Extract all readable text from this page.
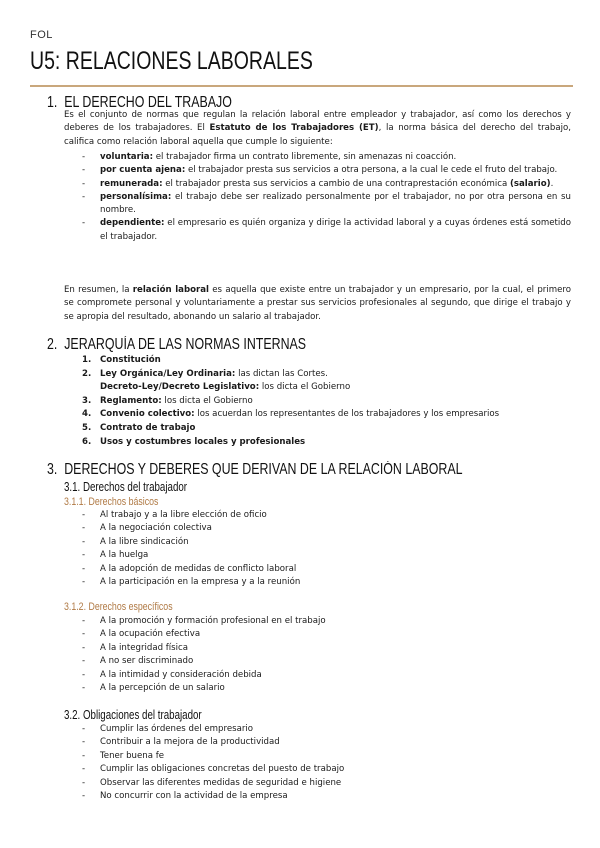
FOL
U5: RELACIONES LABORALES
1.  EL DERECHO DEL TRABAJO

Es el conjunto de normas que regulan la relación laboral entre empleador y trabajador, así como los derechos y deberes de los trabajadores. El Estatuto de los Trabajadores (ET), la norma básica del derecho del trabajo, califica como relación laboral aquella que cumple lo siguiente:

- voluntaria: el trabajador firma un contrato libremente, sin amenazas ni coacción.
- por cuenta ajena: el trabajador presta sus servicios a otra persona, a la cual le cede el fruto del trabajo.
- remunerada: el trabajador presta sus servicios a cambio de una contraprestación económica (salario).
- personalísima: el trabajo debe ser realizado personalmente por el trabajador, no por otra persona en su nombre.
- dependiente: el empresario es quién organiza y dirige la actividad laboral y a cuyas órdenes está sometido el trabajador.

En resumen, la relación laboral es aquella que existe entre un trabajador y un empresario, por la cual, el primero se compromete personal y voluntariamente a prestar sus servicios profesionales al segundo, que dirige el trabajo y se apropia del resultado, abonando un salario al trabajador.

2.  JERARQUÍA DE LAS NORMAS INTERNAS
1. Constitución
2. Ley Orgánica/Ley Ordinaria: las dictan las Cortes.
Decreto-Ley/Decreto Legislativo: los dicta el Gobierno
3. Reglamento: los dicta el Gobierno
4. Convenio colectivo: los acuerdan los representantes de los trabajadores y los empresarios
5. Contrato de trabajo
6. Usos y costumbres locales y profesionales
3.  DERECHOS Y DEBERES QUE DERIVAN DE LA RELACIÓN LABORAL
3.1. Derechos del trabajador
3.1.1. Derechos básicos
- Al trabajo y a la libre elección de oficio
- A la negociación colectiva
- A la libre sindicación
- A la huelga
- A la adopción de medidas de conflicto laboral
- A la participación en la empresa y a la reunión
3.1.2. Derechos específicos
- A la promoción y formación profesional en el trabajo
- A la ocupación efectiva
- A la integridad física
- A no ser discriminado
- A la intimidad y consideración debida
- A la percepción de un salario
3.2. Obligaciones del trabajador
- Cumplir las órdenes del empresario
- Contribuir a la mejora de la productividad
- Tener buena fe
- Cumplir las obligaciones concretas del puesto de trabajo
- Observar las diferentes medidas de seguridad e higiene
- No concurrir con la actividad de la empresa
